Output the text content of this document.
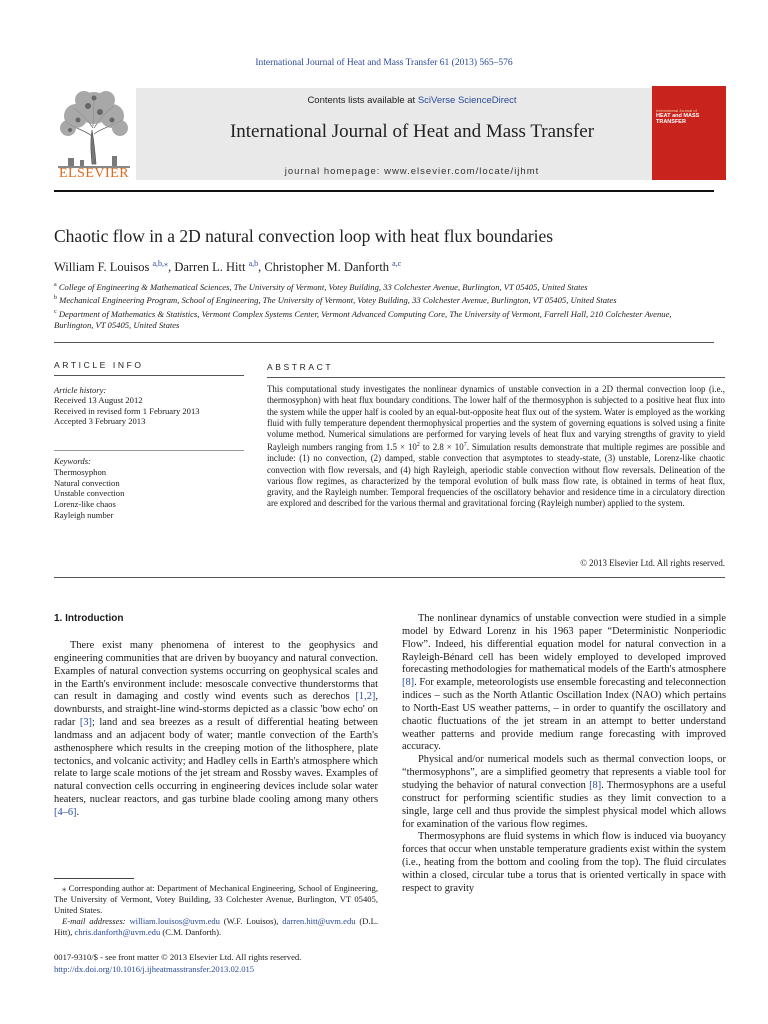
International Journal of Heat and Mass Transfer 61 (2013) 565–576
ELSEVIER
Contents lists available at SciVerse ScienceDirect
International Journal of Heat and Mass Transfer
journal homepage: www.elsevier.com/locate/ijhmt
International Journal of
HEAT and MASS TRANSFER
Chaotic flow in a 2D natural convection loop with heat flux boundaries
William F. Louisos $^{a,b,⁎}$, Darren L. Hitt $^{a,b}$, Christopher M. Danforth $^{a,c}$
$^a$ College of Engineering & Mathematical Sciences, The University of Vermont, Votey Building, 33 Colchester Avenue, Burlington, VT 05405, United States
$^b$ Mechanical Engineering Program, School of Engineering, The University of Vermont, Votey Building, 33 Colchester Avenue, Burlington, VT 05405, United States
$^c$ Department of Mathematics & Statistics, Vermont Complex Systems Center, Vermont Advanced Computing Core, The University of Vermont, Farrell Hall, 210 Colchester Avenue, Burlington, VT 05405, United States
ARTICLE INFO	ABSTRACT
Article history:
Received 13 August 2012
Received in revised form 1 February 2013
Accepted 3 February 2013
Keywords:
Thermosyphon
Natural convection
Unstable convection
Lorenz-like chaos
Rayleigh number
This computational study investigates the nonlinear dynamics of unstable convection in a 2D thermal convection loop (i.e., thermosyphon) with heat flux boundary conditions. The lower half of the thermosyphon is subjected to a positive heat flux into the system while the upper half is cooled by an equal-but-opposite heat flux out of the system. Water is employed as the working fluid with fully temperature dependent thermophysical properties and the system of governing equations is solved using a finite volume method. Numerical simulations are performed for varying levels of heat flux and varying strengths of gravity to yield Rayleigh numbers ranging from $1.5 \times 10^2$ to $2.8 \times 10^7$. Simulation results demonstrate that multiple regimes are possible and include: (1) no convection, (2) damped, stable convection that asymptotes to steady-state, (3) unstable, Lorenz-like chaotic convection with flow reversals, and (4) high Rayleigh, aperiodic stable convection without flow reversals. Delineation of the various flow regimes, as characterized by the temporal evolution of bulk mass flow rate, is obtained in terms of heat flux, gravity, and the Rayleigh number. Temporal frequencies of the oscillatory behavior and residence time in a circulatory direction are explored and described for the various thermal and gravitational forcing (Rayleigh number) applied to the system.
© 2013 Elsevier Ltd. All rights reserved.
1. Introduction

There exist many phenomena of interest to the geophysics and engineering communities that are driven by buoyancy and natural convection. Examples of natural convection systems occurring on geophysical scales and in the Earth's environment include: mesoscale convective thunderstorms that can result in damaging and costly wind events such as derechos [1,2], downbursts, and straight-line wind-storms depicted as a classic 'bow echo' on radar [3]; land and sea breezes as a result of differential heating between landmass and an adjacent body of water; mantle convection of the Earth's asthenosphere which results in the creeping motion of the lithosphere, plate tectonics, and volcanic activity; and Hadley cells in Earth's atmosphere which relate to large scale motions of the jet stream and Rossby waves. Examples of natural convection cells occurring in engineering devices include solar water heaters, nuclear reactors, and gas turbine blade cooling among many others [4–6].

The nonlinear dynamics of unstable convection were studied in a simple model by Edward Lorenz in his 1963 paper “Deterministic Nonperiodic Flow”. Indeed, his differential equation model for natural convection in a Rayleigh-Bénard cell has been widely employed to developed improved forecasting methodologies for mathematical models of the Earth's atmosphere [8]. For example, meteorologists use ensemble forecasting and teleconnection indices – such as the North Atlantic Oscillation Index (NAO) which pertains to North-East US weather patterns, – in order to quantify the oscillatory and chaotic fluctuations of the jet stream in an attempt to better understand weather patterns and provide medium range forecasting with improved accuracy.

Physical and/or numerical models such as thermal convection loops, or “thermosyphons”, are a simplified geometry that represents a viable tool for studying the behavior of natural convection [8]. Thermosyphons are a useful construct for performing scientific studies as they limit convection to a single, large cell and thus provide the simplest physical model which allows for examination of the various flow regimes.

Thermosyphons are fluid systems in which flow is induced via buoyancy forces that occur when unstable temperature gradients exist within the system (i.e., heating from the bottom and cooling from the top). The fluid circulates within a closed, circular tube a torus that is oriented vertically in space with respect to gravity

⁎ Corresponding author at: Department of Mechanical Engineering, School of Engineering, The University of Vermont, Votey Building, 33 Colchester Avenue, Burlington, VT 05405, United States.

E-mail addresses: william.louisos@uvm.edu (W.F. Louisos), darren.hitt@uvm.edu (D.L. Hitt), chris.danforth@uvm.edu (C.M. Danforth).

0017-9310/$ - see front matter © 2013 Elsevier Ltd. All rights reserved.
http://dx.doi.org/10.1016/j.ijheatmasstransfer.2013.02.015
